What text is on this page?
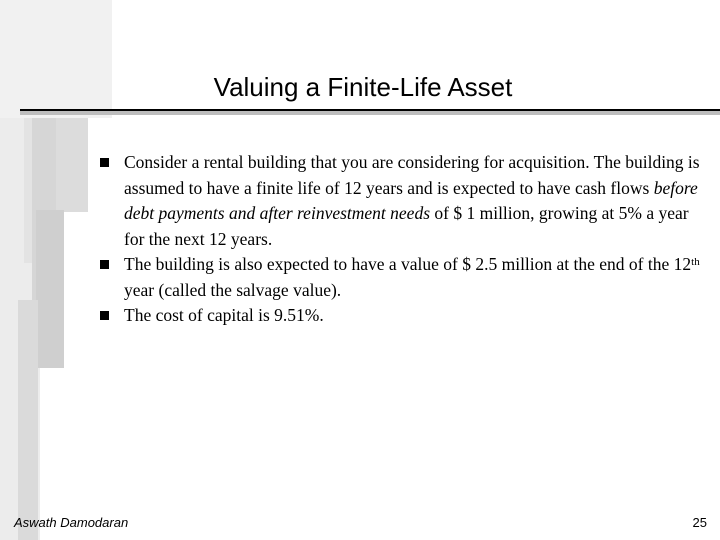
Valuing a Finite-Life Asset
Consider a rental building that you are considering for acquisition. The building is assumed to have a finite life of 12 years and is expected to have cash flows before debt payments and after reinvestment needs of $ 1 million, growing at 5% a year for the next 12 years.
The building is also expected to have a value of $ 2.5 million at the end of the 12th year (called the salvage value).
The cost of capital is 9.51%.
Aswath Damodaran	25
